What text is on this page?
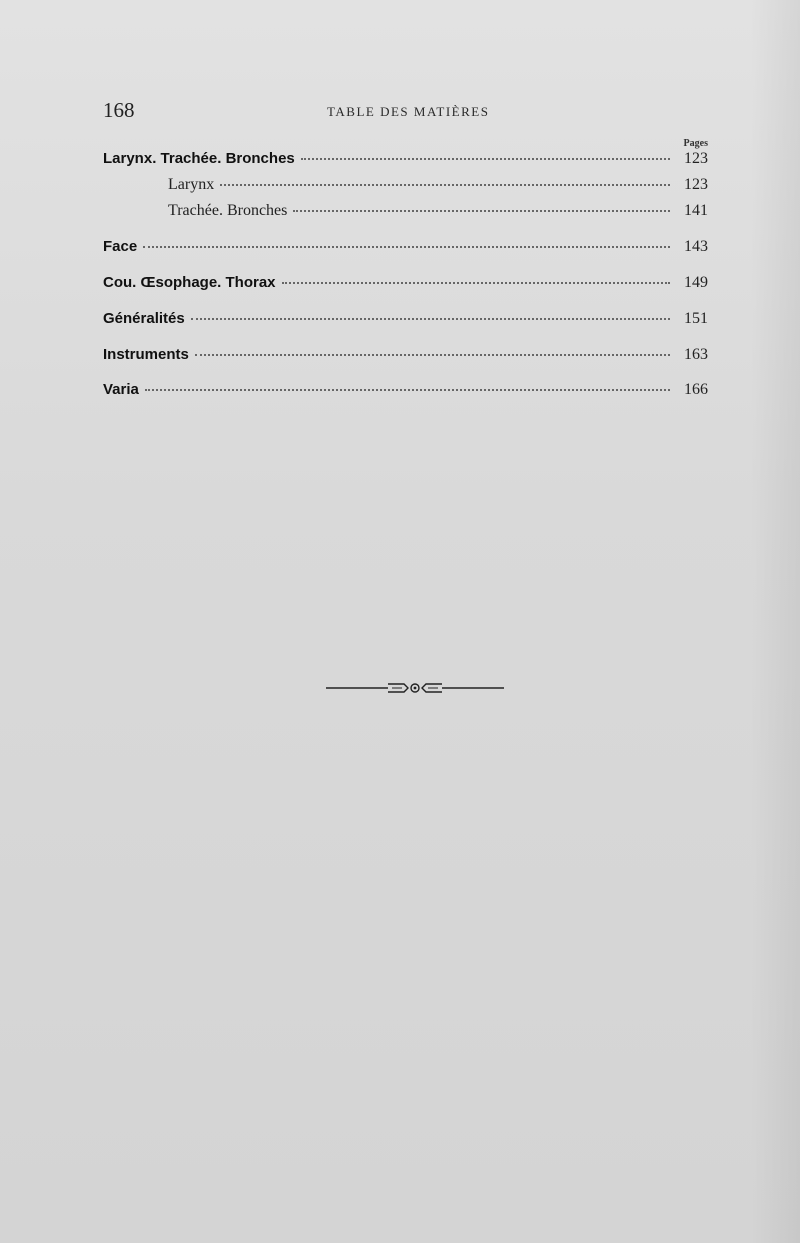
168	TABLE DES MATIÈRES
Pages
Larynx. Trachée. Bronches	123
Larynx	123
Trachée. Bronches	141
Face	143
Cou. Œsophage. Thorax	149
Généralités	151
Instruments	163
Varia	166
